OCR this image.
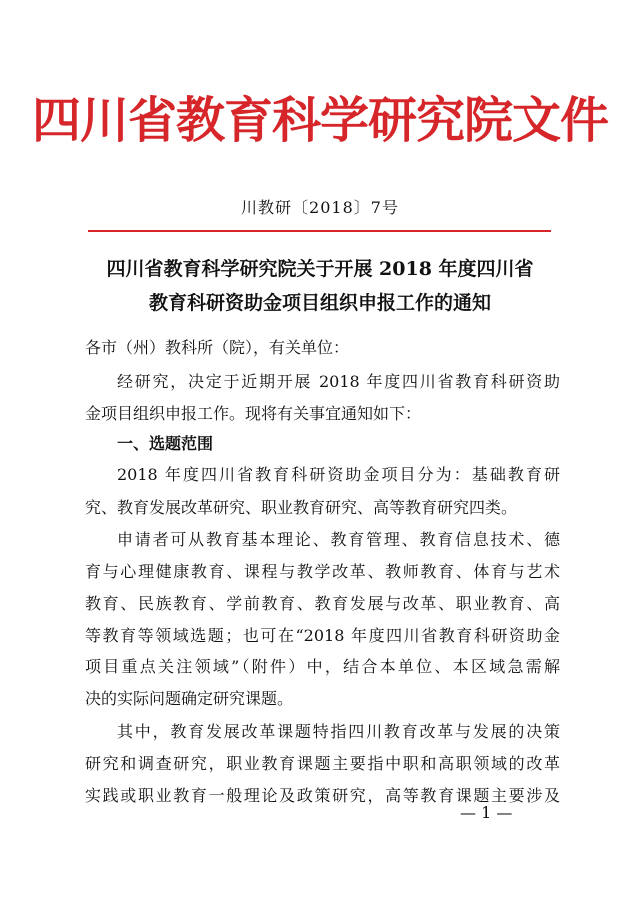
四川省教育科学研究院文件
川教研〔2018〕7号
四川省教育科学研究院关于开展 2018 年度四川省
教育科研资助金项目组织申报工作的通知
各市（州）教科所（院），有关单位：
经研究，决定于近期开展 2018 年度四川省教育科研资助
金项目组织申报工作。现将有关事宜通知如下：
一、选题范围
2018 年度四川省教育科研资助金项目分为：基础教育研
究、教育发展改革研究、职业教育研究、高等教育研究四类。
申请者可从教育基本理论、教育管理、教育信息技术、德
育与心理健康教育、课程与教学改革、教师教育、体育与艺术
教育、民族教育、学前教育、教育发展与改革、职业教育、高
等教育等领域选题；也可在“2018 年度四川省教育科研资助金
项目重点关注领域”（附件）中，结合本单位、本区域急需解
决的实际问题确定研究课题。
其中，教育发展改革课题特指四川教育改革与发展的决策
研究和调查研究，职业教育课题主要指中职和高职领域的改革
实践或职业教育一般理论及政策研究，高等教育课题主要涉及
— 1 —
